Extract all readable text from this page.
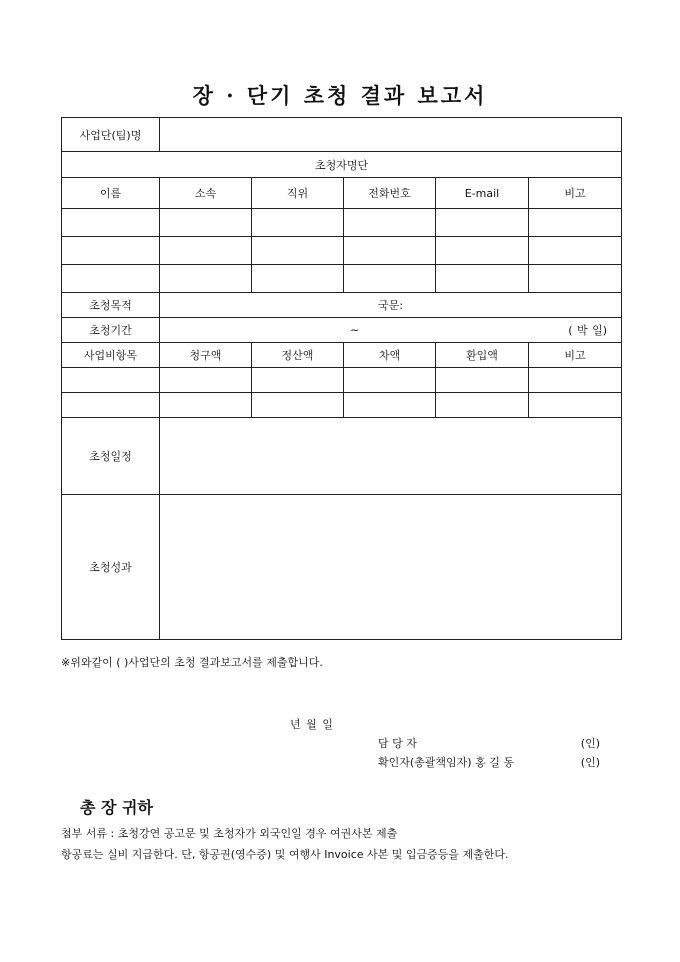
장 · 단기 초청 결과 보고서
사업단(팀)명					
초청자명단					
이름	소속	직위	전화번호	E-mail	비고

초청목적	국문:				
초청기간	~ ( 박 일)				

사업비항목	청구액	정산액	차액	환입액	비고

초청일정					
초청성과					
※위와같이 ( )사업단의 초청 결과보고서를 제출합니다.
년 월 일
담 당 자	(인)
확인자(총괄책임자) 홍 길 동	(인)
총 장 귀하
첨부 서류 : 초청강연 공고문 및 초청자가 외국인일 경우 여권사본 제출
항공료는 실비 지급한다. 단, 항공권(영수증) 및 여행사 Invoice 사본 및 입금증등을 제출한다.
